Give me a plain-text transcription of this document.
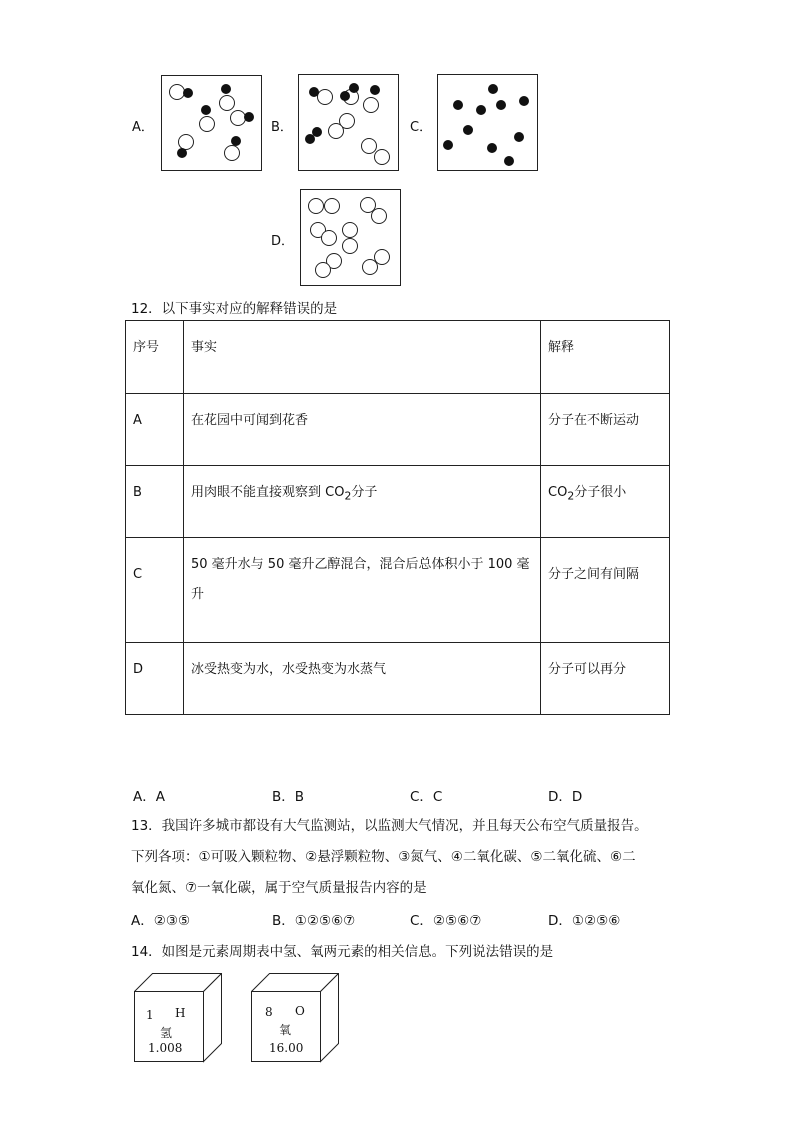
A．	B．	C．
D．
12．以下事实对应的解释错误的是
序号	事实	解释
A	在花园中可闻到花香	分子在不断运动
B	用肉眼不能直接观察到 $CO_2$分子	$CO_2$分子很小
C	50 毫升水与 50 毫升乙醇混合，混合后总体积小于 100 毫升	分子之间有间隔
D	冰受热变为水，水受热变为水蒸气	分子可以再分
A．A	B．B	C．C	D．D
13．我国许多城市都设有大气监测站，以监测大气情况，并且每天公布空气质量报告。
下列各项：①可吸入颗粒物、②悬浮颗粒物、③氮气、④二氧化碳、⑤二氧化硫、⑥二
氧化氮、⑦一氧化碳，属于空气质量报告内容的是
A．②③⑤	B．①②⑤⑥⑦	C．②⑤⑥⑦	D．①②⑤⑥
14．如图是元素周期表中氢、氧两元素的相关信息。下列说法错误的是
1 H
氢
1.008
8 O
氧
16.00
